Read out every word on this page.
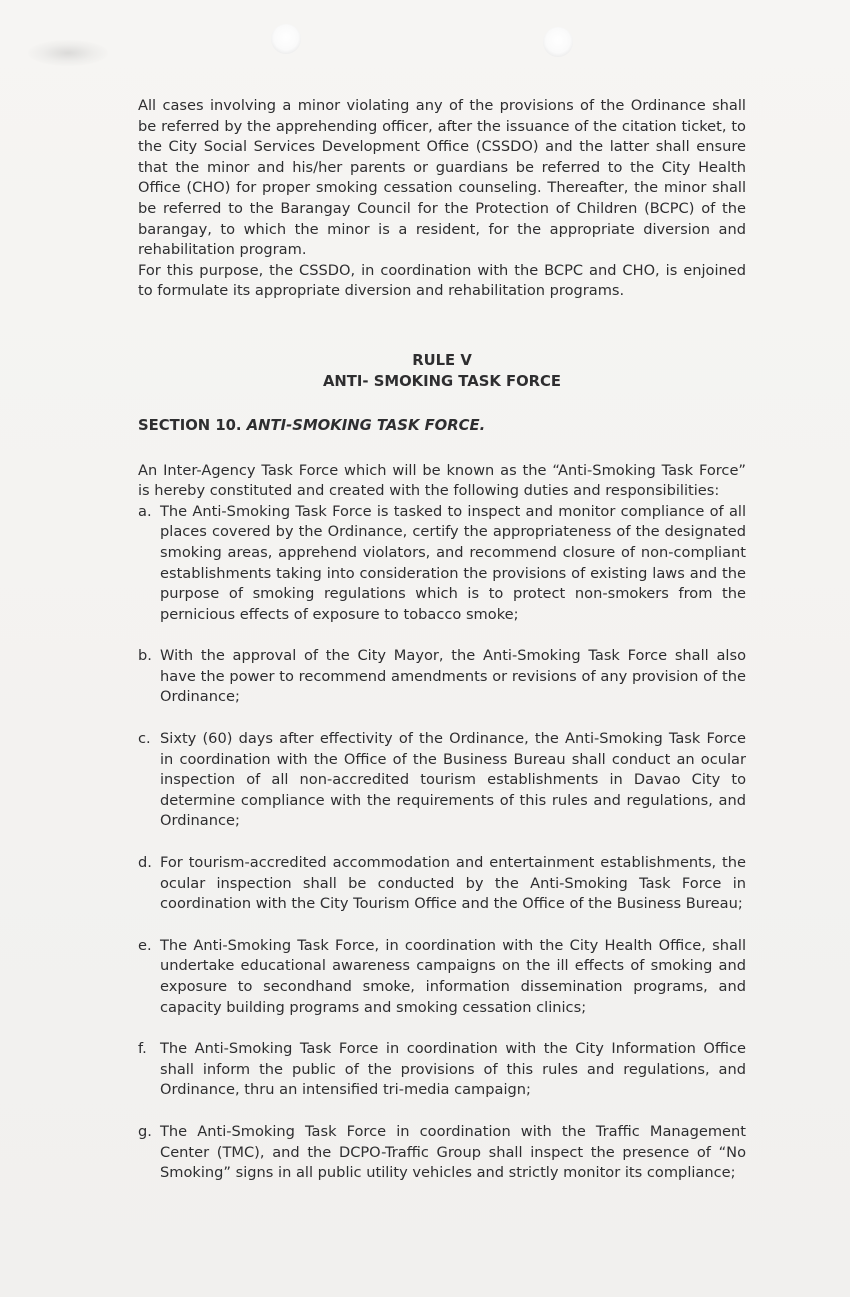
All cases involving a minor violating any of the provisions of the Ordinance shall be referred by the apprehending officer, after the issuance of the citation ticket, to the City Social Services Development Office (CSSDO) and the latter shall ensure that the minor and his/her parents or guardians be referred to the City Health Office (CHO) for proper smoking cessation counseling. Thereafter, the minor shall be referred to the Barangay Council for the Protection of Children (BCPC) of the barangay, to which the minor is a resident, for the appropriate diversion and rehabilitation program.

For this purpose, the CSSDO, in coordination with the BCPC and CHO, is enjoined to formulate its appropriate diversion and rehabilitation programs.

RULE V

ANTI- SMOKING TASK FORCE

SECTION 10. ANTI-SMOKING TASK FORCE.

An Inter-Agency Task Force which will be known as the “Anti-Smoking Task Force” is hereby constituted and created with the following duties and responsibilities:

a. The Anti-Smoking Task Force is tasked to inspect and monitor compliance of all places covered by the Ordinance, certify the appropriateness of the designated smoking areas, apprehend violators, and recommend closure of non-compliant establishments taking into consideration the provisions of existing laws and the purpose of smoking regulations which is to protect non-smokers from the pernicious effects of exposure to tobacco smoke;
b. With the approval of the City Mayor, the Anti-Smoking Task Force shall also have the power to recommend amendments or revisions of any provision of the Ordinance;
c. Sixty (60) days after effectivity of the Ordinance, the Anti-Smoking Task Force in coordination with the Office of the Business Bureau shall conduct an ocular inspection of all non-accredited tourism establishments in Davao City to determine compliance with the requirements of this rules and regulations, and Ordinance;
d. For tourism-accredited accommodation and entertainment establishments, the ocular inspection shall be conducted by the Anti-Smoking Task Force in coordination with the City Tourism Office and the Office of the Business Bureau;
e. The Anti-Smoking Task Force, in coordination with the City Health Office, shall undertake educational awareness campaigns on the ill effects of smoking and exposure to secondhand smoke, information dissemination programs, and capacity building programs and smoking cessation clinics;
f. The Anti-Smoking Task Force in coordination with the City Information Office shall inform the public of the provisions of this rules and regulations, and Ordinance, thru an intensified tri-media campaign;
g. The Anti-Smoking Task Force in coordination with the Traffic Management Center (TMC), and the DCPO-Traffic Group shall inspect the presence of “No Smoking” signs in all public utility vehicles and strictly monitor its compliance;
